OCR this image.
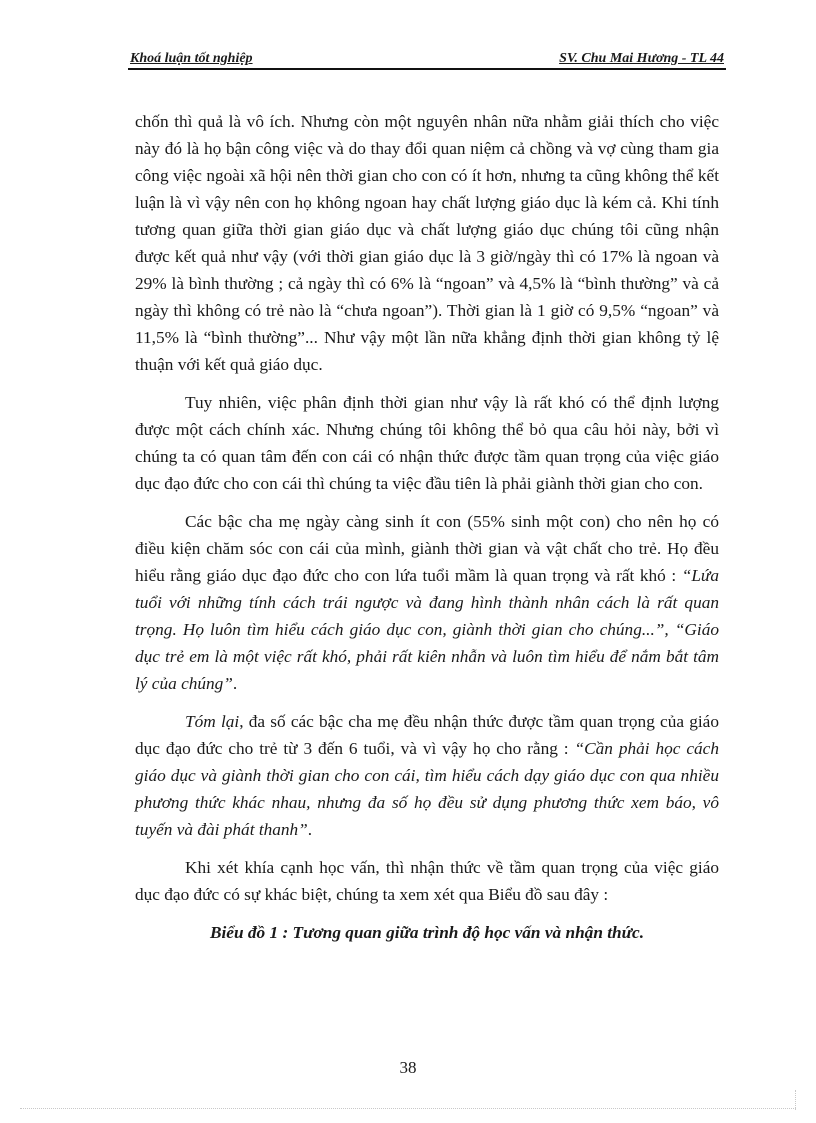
Khoá luận tốt nghiệp	SV. Chu Mai Hương - TL 44

chốn thì quả là vô ích. Nhưng còn một nguyên nhân nữa nhằm giải thích cho việc này đó là họ bận công việc và do thay đổi quan niệm cả chồng và vợ cùng tham gia công việc ngoài xã hội nên thời gian cho con có ít hơn, nhưng ta cũng không thể kết luận là vì vậy nên con họ không ngoan hay chất lượng giáo dục là kém cả. Khi tính tương quan giữa thời gian giáo dục và chất lượng giáo dục chúng tôi cũng nhận được kết quả như vậy (với thời gian giáo dục là 3 giờ/ngày thì có 17% là ngoan và 29% là bình thường ; cả ngày thì có 6% là “ngoan” và 4,5% là “bình thường” và cả ngày thì không có trẻ nào là “chưa ngoan”). Thời gian là 1 giờ có 9,5% “ngoan” và 11,5% là “bình thường”... Như vậy một lần nữa khẳng định thời gian không tỷ lệ thuận với kết quả giáo dục.

Tuy nhiên, việc phân định thời gian như vậy là rất khó có thể định lượng được một cách chính xác. Nhưng chúng tôi không thể bỏ qua câu hỏi này, bởi vì chúng ta có quan tâm đến con cái có nhận thức được tầm quan trọng của việc giáo dục đạo đức cho con cái thì chúng ta việc đầu tiên là phải giành thời gian cho con.

Các bậc cha mẹ ngày càng sinh ít con (55% sinh một con) cho nên họ có điều kiện chăm sóc con cái của mình, giành thời gian và vật chất cho trẻ. Họ đều hiểu rằng giáo dục đạo đức cho con lứa tuổi mầm là quan trọng và rất khó : “Lứa tuổi với những tính cách trái ngược và đang hình thành nhân cách là rất quan trọng. Họ luôn tìm hiểu cách giáo dục con, giành thời gian cho chúng...”, “Giáo dục trẻ em là một việc rất khó, phải rất kiên nhẫn và luôn tìm hiểu để nắm bắt tâm lý của chúng”.

Tóm lại, đa số các bậc cha mẹ đều nhận thức được tầm quan trọng của giáo dục đạo đức cho trẻ từ 3 đến 6 tuổi, và vì vậy họ cho rằng : “Cần phải học cách giáo dục và giành thời gian cho con cái, tìm hiểu cách dạy giáo dục con qua nhiều phương thức khác nhau, nhưng đa số họ đều sử dụng phương thức xem báo, vô tuyến và đài phát thanh”.

Khi xét khía cạnh học vấn, thì nhận thức về tầm quan trọng của việc giáo dục đạo đức có sự khác biệt, chúng ta xem xét qua Biểu đồ sau đây :

Biểu đồ 1 : Tương quan giữa trình độ học vấn và nhận thức.

38
